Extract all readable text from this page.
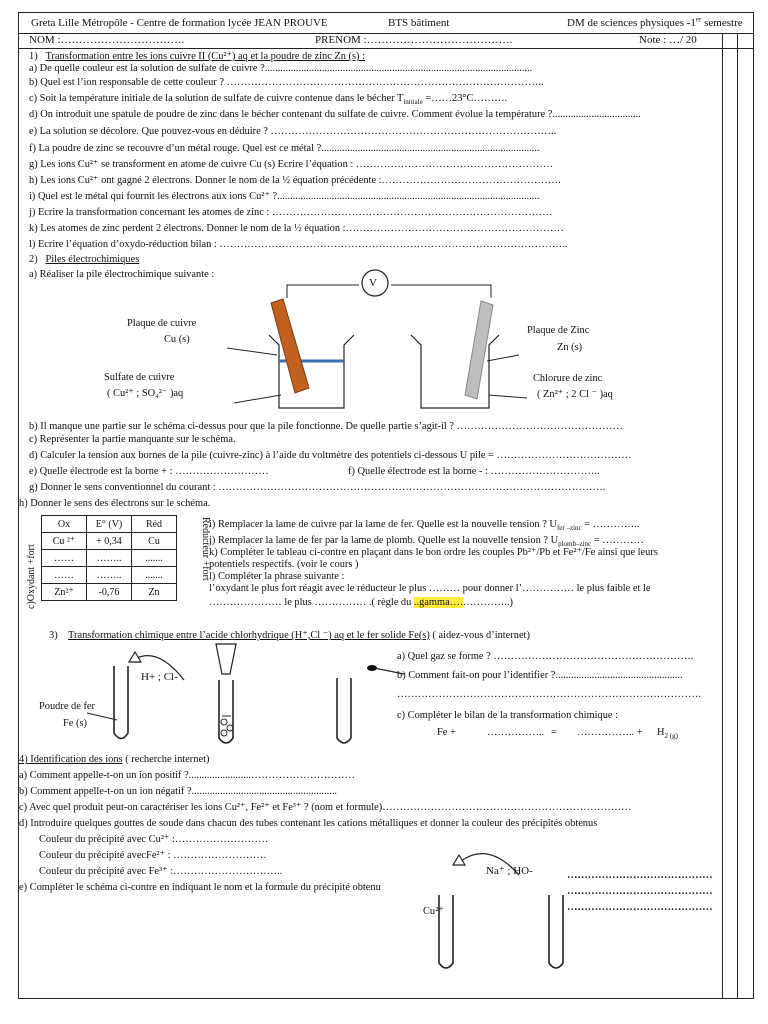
Greta Lille Métropôle - Centre de formation lycée JEAN PROUVE	BTS bâtiment	DM de sciences physiques -1er semestre
NOM :…………………………….	PRENOM :………………………………….	Note : …/ 20
1) Transformation entre les ions cuivre II (Cu²⁺) aq et la poudre de zinc Zn (s) :
a) De quelle couleur est la solution de sulfate de cuivre ?.......................................................................................................
b) Quel est l’ion responsable de cette couleur ? ………………………………………………………………………………..
c) Soit la température initiale de la solution de sulfate de cuivre contenue dans le bécher $T_{initiale}$ =……23°C……….
d) On introduit une spatule de poudre de zinc dans le bécher contenant du sulfate de cuivre. Comment évolue la température ?..................................
e) La solution se décolore. Que pouvez-vous en déduire ? ………………………………………………………………………..
f) La poudre de zinc se recouvre d’un métal rouge. Quel est ce métal ?....................................................................................
g) Les ions Cu²⁺ se transforment en atome de cuivre Cu (s) Ecrire l’équation : …………………………………………………
h) Les ions Cu²⁺ ont gagné 2 électrons. Donner le nom de la ½ équation précédente :…………………………………………….
i) Quel est le métal qui fournit les électrons aux ions Cu²⁺ ?.....................................................................................................
j) Ecrire la transformation concernant les atomes de zinc : ………………………………………………………………………
k) Les atomes de zinc perdent 2 électrons. Donner le nom de la ½ équation :………………………………………………………
l) Ecrire l’équation d’oxydo-réduction bilan : ………………………………………………………………………………………..
2) Piles électrochimiques
a) Réaliser la pile électrochimique suivante :
Plaque de cuivre
Cu (s)
Sulfate de cuivre
( Cu²⁺ ; SO₄²⁻ )aq
Plaque de Zinc
Zn (s)
Chlorure de zinc
( Zn²⁺ ; 2 Cl ⁻ )aq
V
b) Il manque une partie sur le schéma ci-dessus pour que la pile fonctionne. De quelle partie s’agit-il ? …………………………………………
c) Représenter la partie manquante sur le schéma.
d) Calculer la tension aux bornes de la pile (cuivre-zinc) à l’aide du voltmètre des potentiels ci-dessous U pile = …………………………………
e) Quelle électrode est la borne + : ………………………	f) Quelle électrode est la borne - : …………………………..
g) Donner le sens conventionnel du courant : ………………………………………………………………………………………………….
h) Donner le sens des électrons sur le schéma.
c)Oxydant +fort
Ox	E° (V)	Réd
Cu ²⁺	+ 0,34	Cu
……	……..	.......
……	……..	.......
Zn²⁺	-0,76	Zn
Réducteur +fort
i) Remplacer la lame de cuivre par la lame de fer. Quelle est la nouvelle tension ? $U_{fer -zinc}$ = …………..
j) Remplacer la lame de fer par la lame de plomb. Quelle est la nouvelle tension ? $U_{plomb-zinc}$ = …………
k) Compléter le tableau ci-contre en plaçant dans le bon ordre les couples Pb²⁺/Pb et Fe²⁺/Fe ainsi que leurs
potentiels respectifs. (voir le cours )
l) Compléter la phrase suivante :
l’oxydant le plus fort réagit avec le réducteur le plus ……… pour donner l’…………… le plus faible et le
………………… le plus …………… .( règle du ..gamma….…………..)
3) Transformation chimique entre l’acide chlorhydrique (H⁺,Cl ⁻) aq et le fer solide Fe(s) ( aidez-vous d’internet)
H+ ; Cl-
Poudre de fer
Fe (s)
a) Quel gaz se forme ? ………………………………………………….
b) Comment fait-on pour l’identifier ?.................................................
…………………………………………………………………………….
c) Compléter le bilan de la transformation chimique :
Fe +	…………….. = …………….. + $H_{2 (g)}$
4) Identification des ions ( recherche internet)
a) Comment appelle-t-on un ion positif ?........................…………………………
b) Comment appelle-t-on un ion négatif ?........................................................
c) Avec quel produit peut-on caractériser les ions Cu²⁺, Fe²⁺ et Fe³⁺ ? (nom et formule)………………………………………………………………
d) Introduire quelques gouttes de soude dans chacun des tubes contenant les cations métalliques et donner la couleur des précipités obtenus
Couleur du précipité avec Cu²⁺ :………………………
Couleur du précipité avecFe²⁺ : ………………………
Couleur du précipité avec Fe³⁺ :…………………………..
e) Compléter le schéma ci-contre en indiquant le nom et la formule du précipité obtenu
Na⁺ ; HO-
Cu²⁺
……………………………………
……………………………………
……………………………………
